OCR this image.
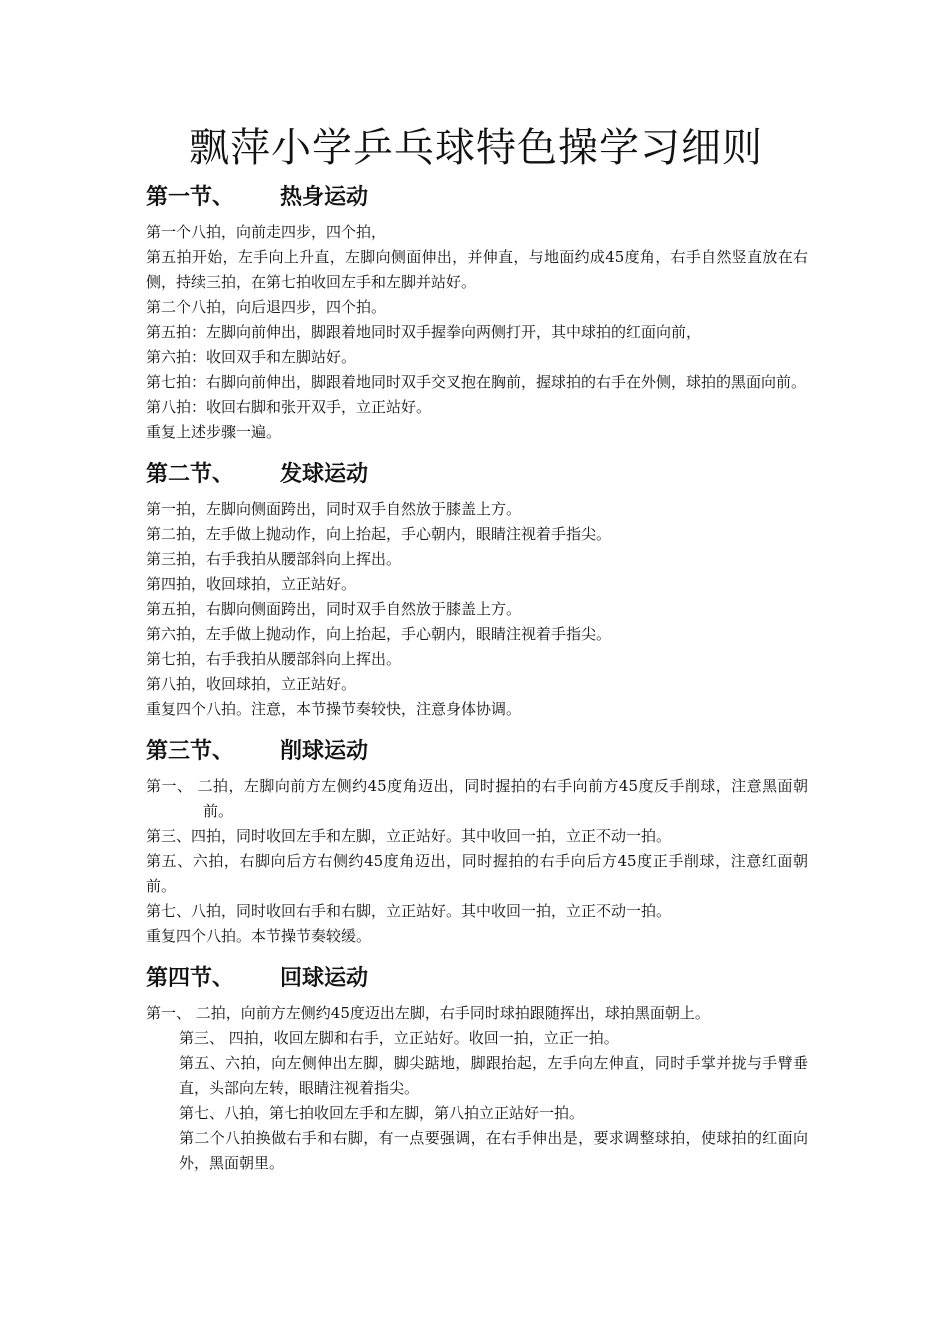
飘萍小学乒乓球特色操学习细则
第一节、 热身运动
第一个八拍，向前走四步，四个拍，
第五拍开始，左手向上升直，左脚向侧面伸出，并伸直，与地面约成45度角，右手自然竖直放在右侧，持续三拍，在第七拍收回左手和左脚并站好。
第二个八拍，向后退四步，四个拍。
第五拍：左脚向前伸出，脚跟着地同时双手握拳向两侧打开，其中球拍的红面向前，
第六拍：收回双手和左脚站好。
第七拍：右脚向前伸出，脚跟着地同时双手交叉抱在胸前，握球拍的右手在外侧，球拍的黑面向前。
第八拍：收回右脚和张开双手，立正站好。
重复上述步骤一遍。
第二节、 发球运动
第一拍，左脚向侧面跨出，同时双手自然放于膝盖上方。
第二拍，左手做上抛动作，向上抬起，手心朝内，眼睛注视着手指尖。
第三拍，右手我拍从腰部斜向上挥出。
第四拍，收回球拍，立正站好。
第五拍，右脚向侧面跨出，同时双手自然放于膝盖上方。
第六拍，左手做上抛动作，向上抬起，手心朝内，眼睛注视着手指尖。
第七拍，右手我拍从腰部斜向上挥出。
第八拍，收回球拍，立正站好。
重复四个八拍。注意，本节操节奏较快，注意身体协调。
第三节、 削球运动
第一、 二拍，左脚向前方左侧约45度角迈出，同时握拍的右手向前方45度反手削球，注意黑面朝前。
第三、四拍，同时收回左手和左脚，立正站好。其中收回一拍，立正不动一拍。
第五、六拍，右脚向后方右侧约45度角迈出，同时握拍的右手向后方45度正手削球，注意红面朝前。
第七、八拍，同时收回右手和右脚，立正站好。其中收回一拍，立正不动一拍。
重复四个八拍。本节操节奏较缓。
第四节、 回球运动
第一、 二拍，向前方左侧约45度迈出左脚，右手同时球拍跟随挥出，球拍黑面朝上。
第三、 四拍，收回左脚和右手，立正站好。收回一拍，立正一拍。
第五、六拍，向左侧伸出左脚，脚尖踮地，脚跟抬起，左手向左伸直，同时手掌并拢与手臂垂直，头部向左转，眼睛注视着指尖。
第七、八拍，第七拍收回左手和左脚，第八拍立正站好一拍。
第二个八拍换做右手和右脚，有一点要强调，在右手伸出是，要求调整球拍，使球拍的红面向外，黑面朝里。
